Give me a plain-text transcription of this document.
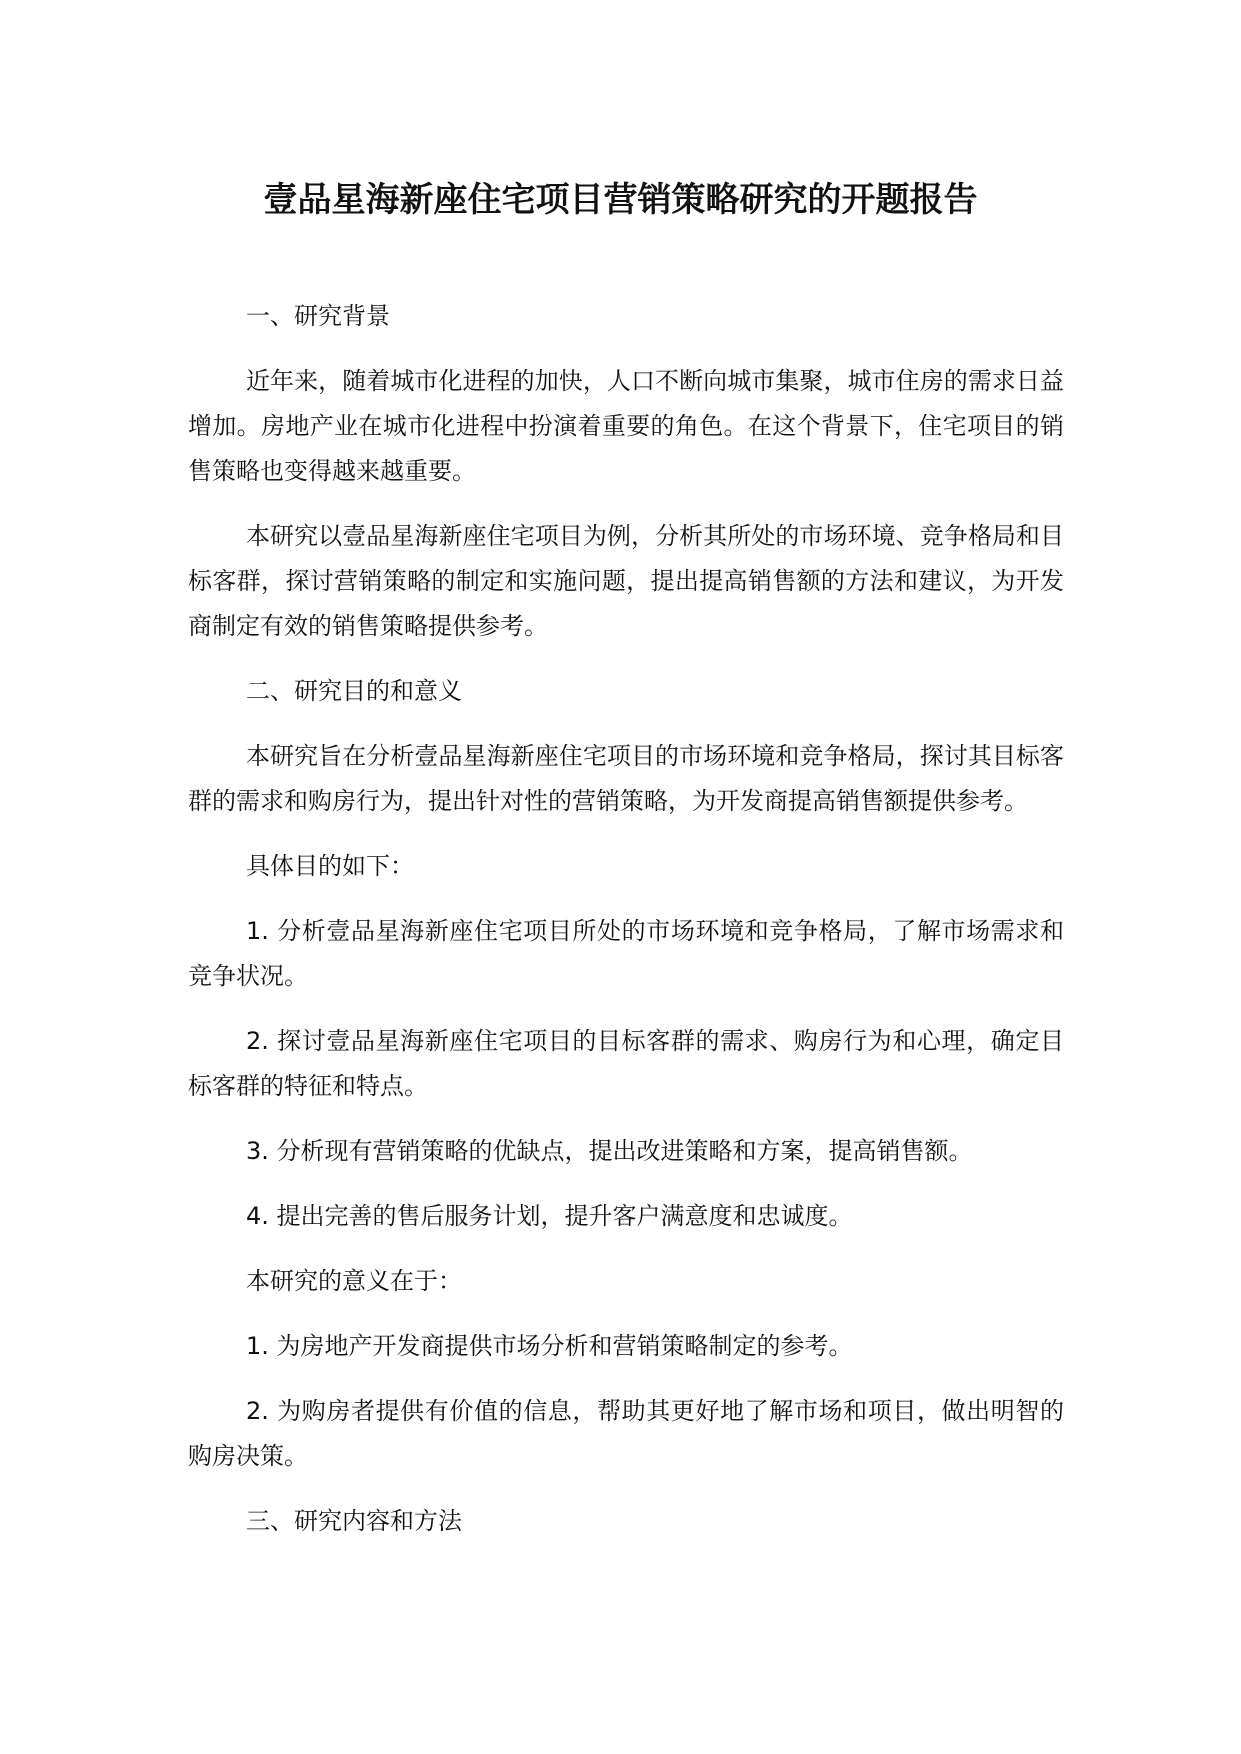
壹品星海新座住宅项目营销策略研究的开题报告

一、研究背景

近年来，随着城市化进程的加快，人口不断向城市集聚，城市住房的需求日益增加。房地产业在城市化进程中扮演着重要的角色。在这个背景下，住宅项目的销售策略也变得越来越重要。

本研究以壹品星海新座住宅项目为例，分析其所处的市场环境、竞争格局和目标客群，探讨营销策略的制定和实施问题，提出提高销售额的方法和建议，为开发商制定有效的销售策略提供参考。

二、研究目的和意义

本研究旨在分析壹品星海新座住宅项目的市场环境和竞争格局，探讨其目标客群的需求和购房行为，提出针对性的营销策略，为开发商提高销售额提供参考。

具体目的如下：

1. 分析壹品星海新座住宅项目所处的市场环境和竞争格局，了解市场需求和竞争状况。

2. 探讨壹品星海新座住宅项目的目标客群的需求、购房行为和心理，确定目标客群的特征和特点。

3. 分析现有营销策略的优缺点，提出改进策略和方案，提高销售额。

4. 提出完善的售后服务计划，提升客户满意度和忠诚度。

本研究的意义在于：

1. 为房地产开发商提供市场分析和营销策略制定的参考。

2. 为购房者提供有价值的信息，帮助其更好地了解市场和项目，做出明智的购房决策。

三、研究内容和方法
